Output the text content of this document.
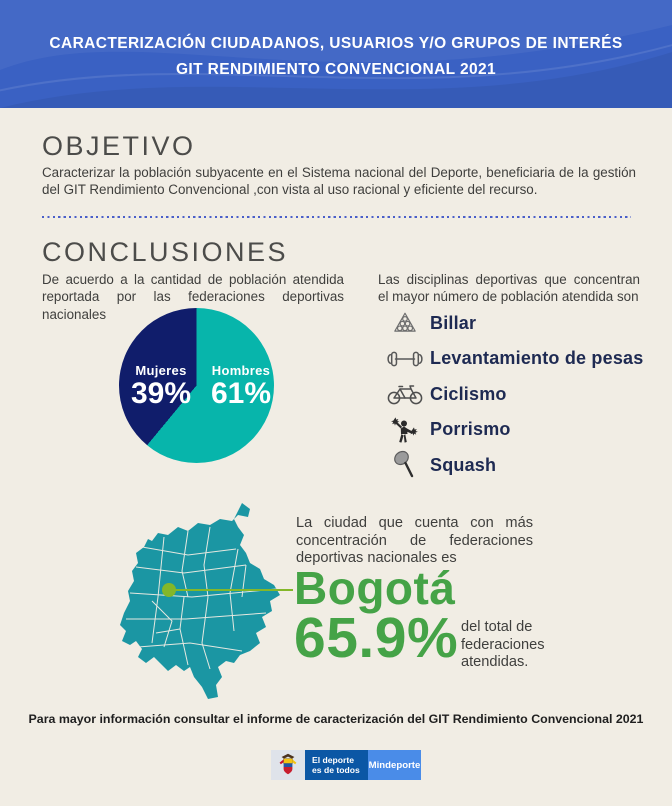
CARACTERIZACIÓN CIUDADANOS, USUARIOS Y/O GRUPOS DE INTERÉS
GIT RENDIMIENTO CONVENCIONAL 2021
OBJETIVO
Caracterizar la población subyacente en el Sistema nacional del Deporte, beneficiaria de la gestión del GIT Rendimiento Convencional ,con vista al uso racional y eficiente del recurso.
CONCLUSIONES
De acuerdo a la cantidad de población atendida reportada por las federaciones deportivas nacionales
Las disciplinas deportivas que concentran el mayor número de población atendida son
Mujeres
39%
Hombres
61%
Billar
Levantamiento de pesas
Ciclismo
Porrismo
Squash
La ciudad que cuenta con más concentración de federaciones deportivas nacionales es
Bogotá
65.9% del total de federaciones atendidas.
Para mayor información consultar el informe de caracterización del GIT Rendimiento Convencional 2021
El deporte
es de todos Mindeporte
